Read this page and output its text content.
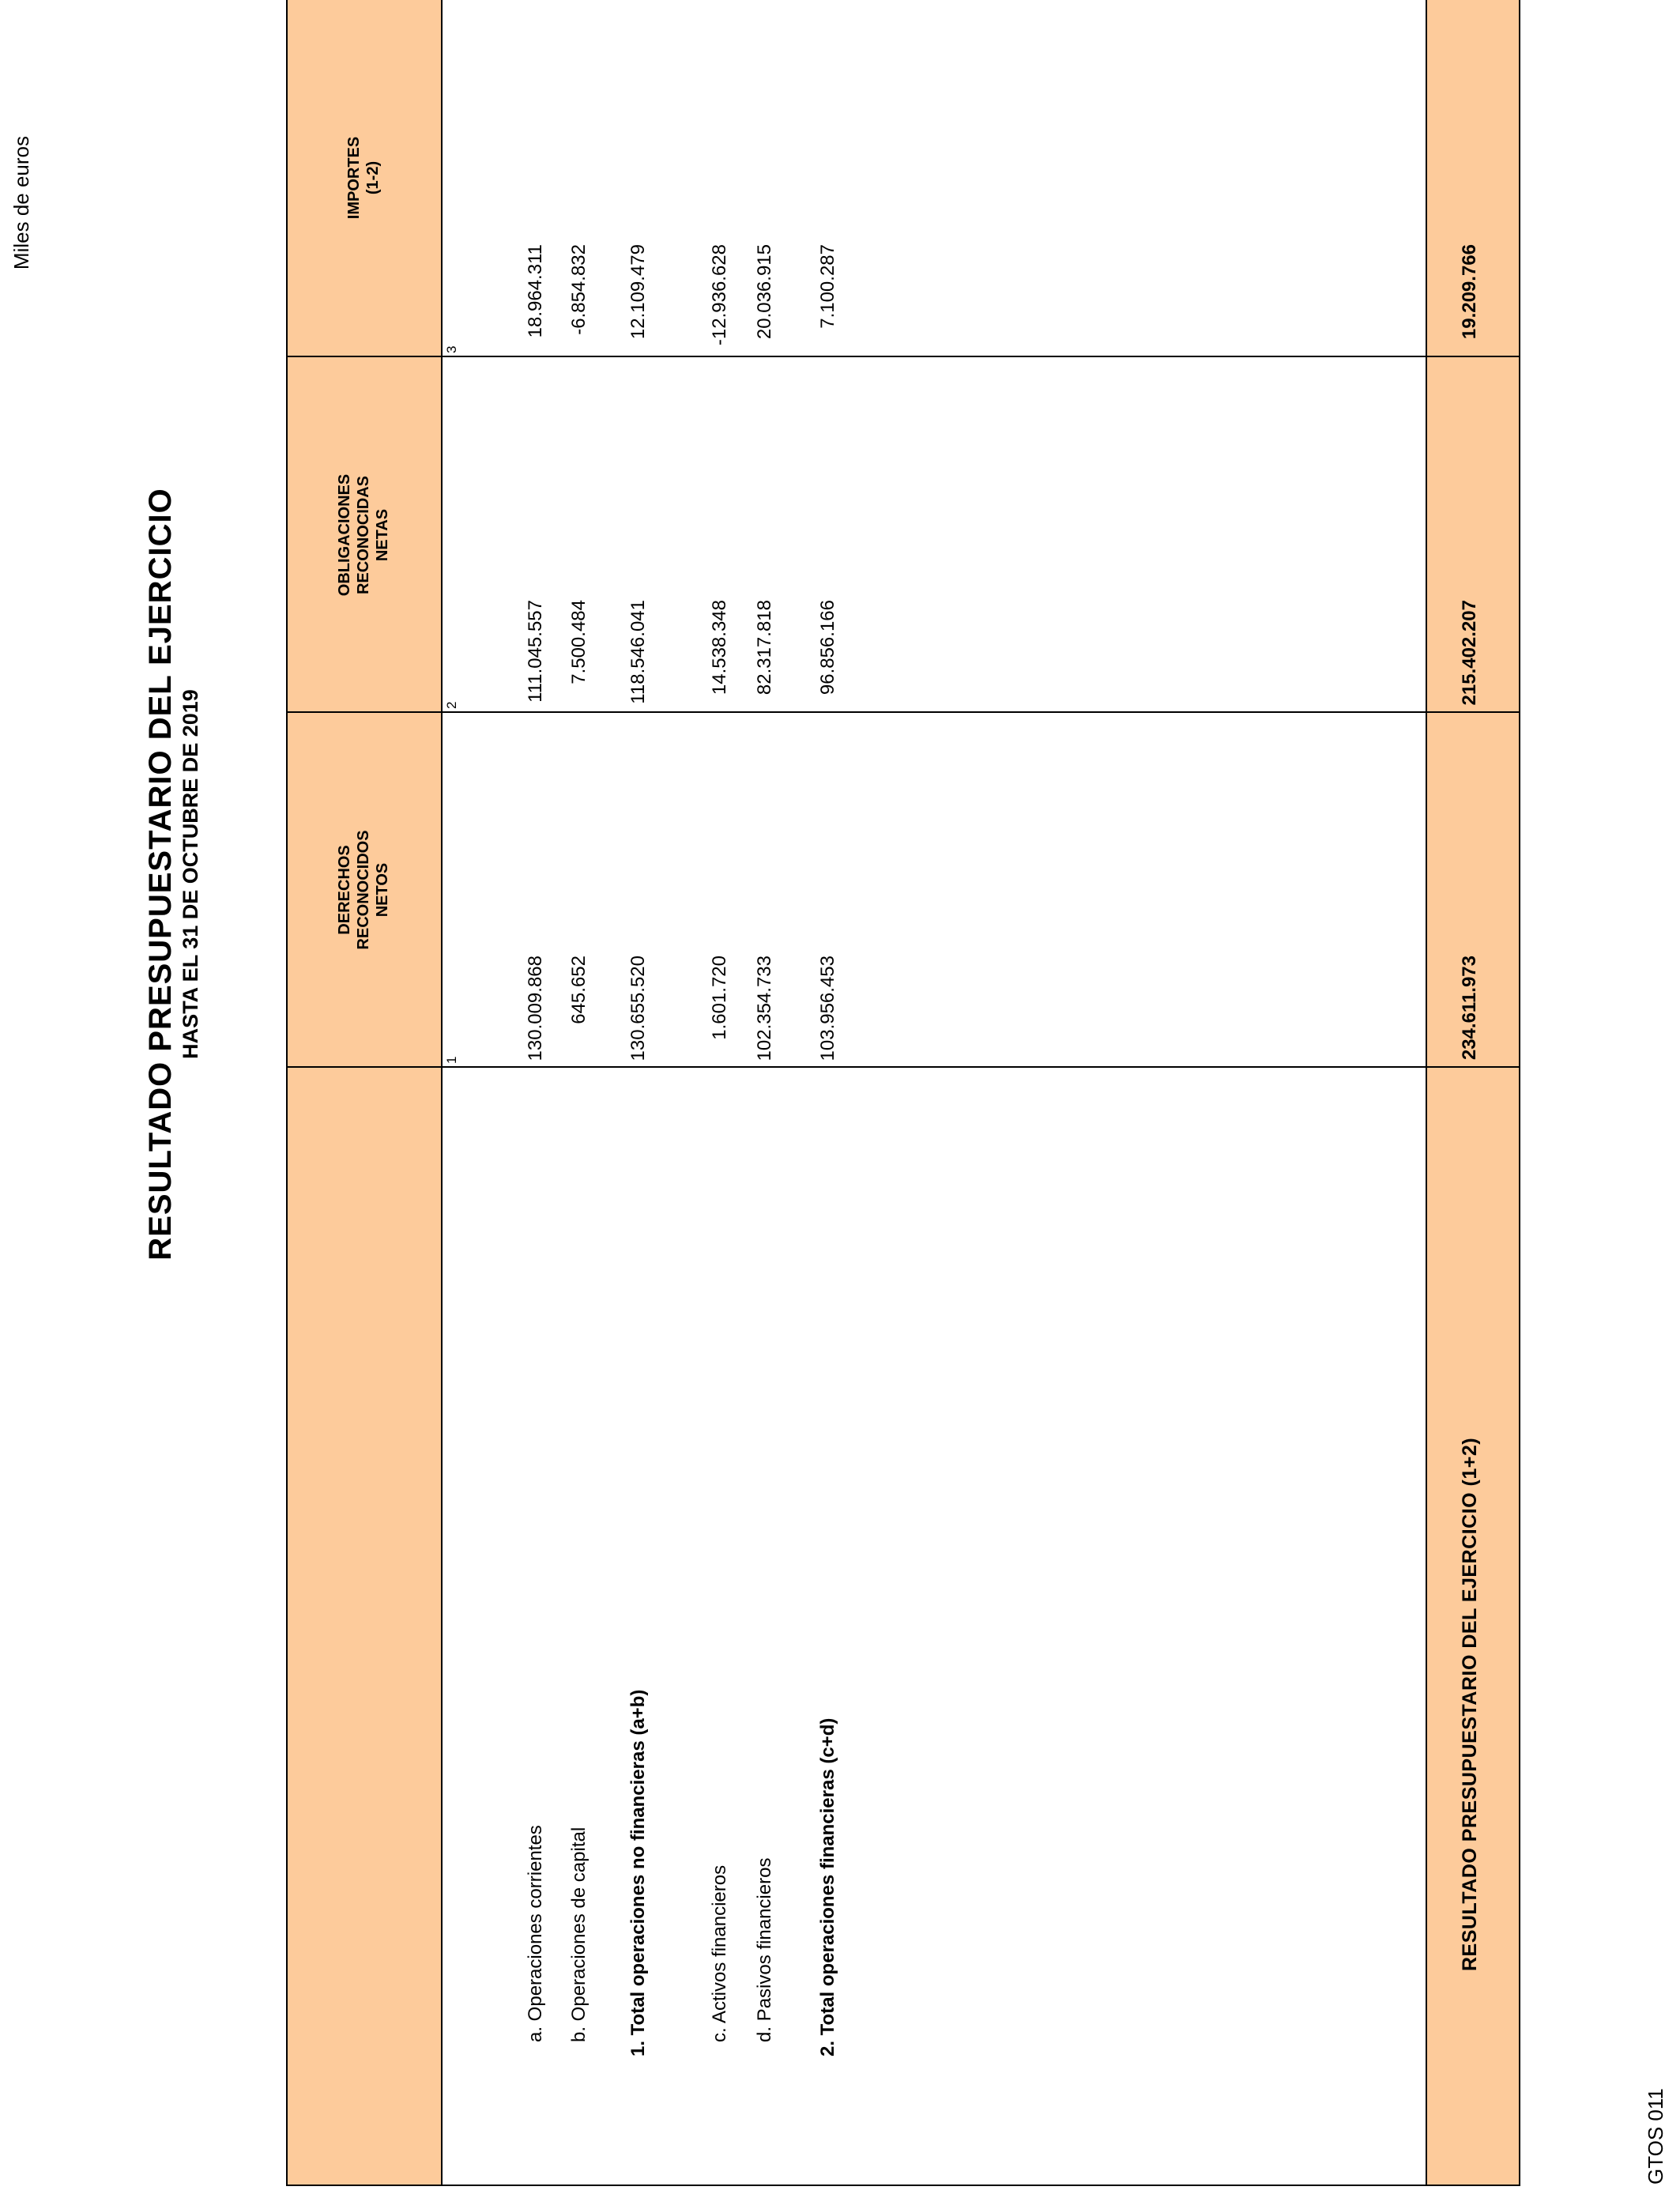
RESULTADO PRESUPUESTARIO DEL EJERCICIO HASTA EL 31 DE OCTUBRE DE 2019
Miles de euros
GTOS 011
DERECHOS RECONOCIDOS NETOS
OBLIGACIONES RECONOCIDAS NETAS
IMPORTES (1-2)
1
2
3
a. Operaciones corrientes
130.009.868
111.045.557
18.964.311
b. Operaciones de capital
645.652
7.500.484
-6.854.832
1. Total operaciones no financieras (a+b)
130.655.520
118.546.041
12.109.479
c. Activos financieros
1.601.720
14.538.348
-12.936.628
d. Pasivos financieros
102.354.733
82.317.818
20.036.915
2. Total operaciones financieras (c+d)
103.956.453
96.856.166
7.100.287
RESULTADO PRESUPUESTARIO DEL EJERCICIO (1+2)
234.611.973
215.402.207
19.209.766
